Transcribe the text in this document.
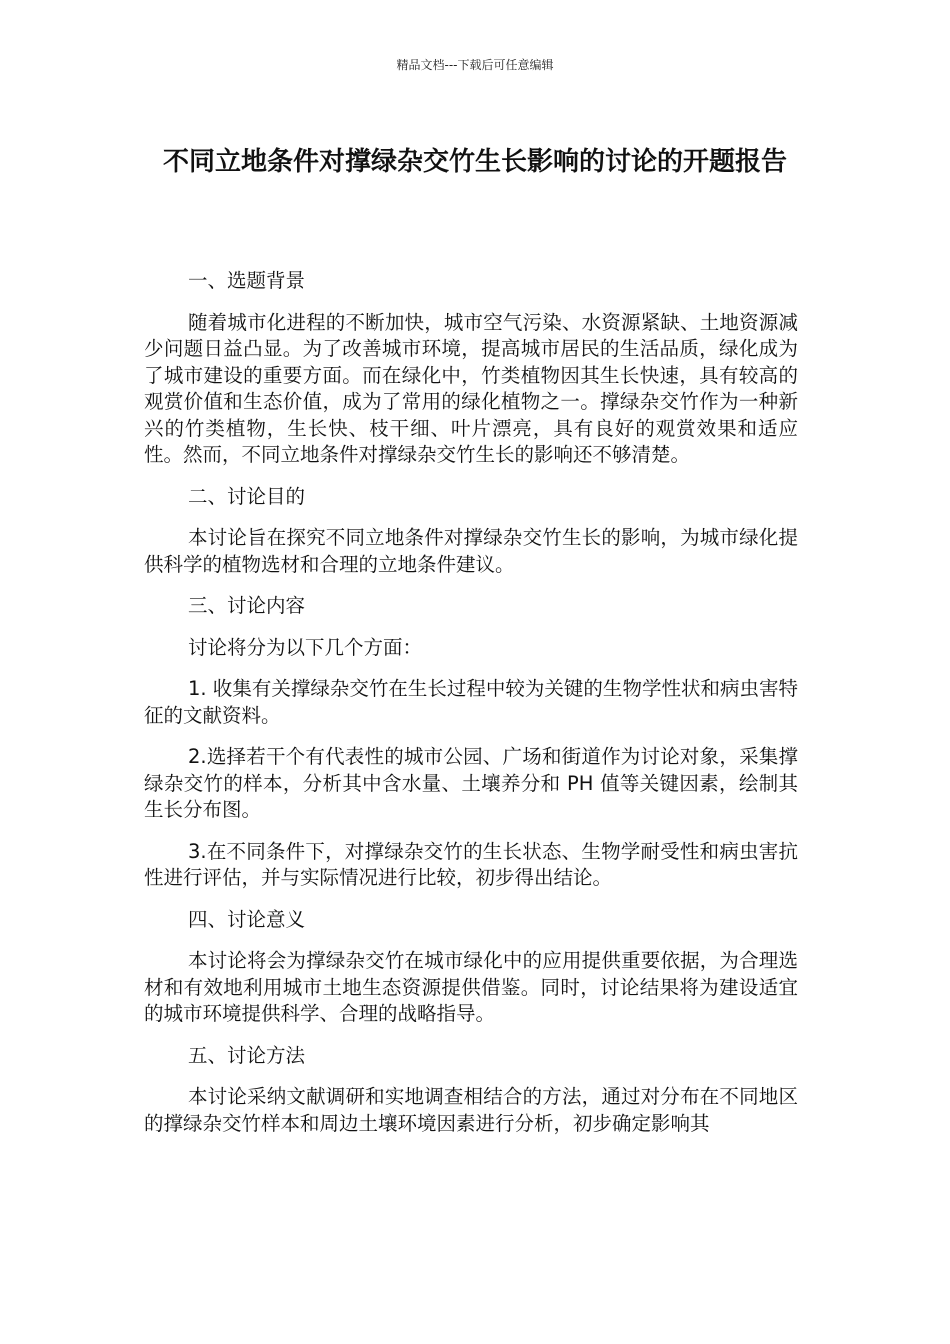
精品文档---下载后可任意编辑
不同立地条件对撑绿杂交竹生长影响的讨论的开题报告

一、选题背景

随着城市化进程的不断加快，城市空气污染、水资源紧缺、土地资源减少问题日益凸显。为了改善城市环境，提高城市居民的生活品质，绿化成为了城市建设的重要方面。而在绿化中，竹类植物因其生长快速，具有较高的观赏价值和生态价值，成为了常用的绿化植物之一。撑绿杂交竹作为一种新兴的竹类植物，生长快、枝干细、叶片漂亮，具有良好的观赏效果和适应性。然而，不同立地条件对撑绿杂交竹生长的影响还不够清楚。

二、讨论目的

本讨论旨在探究不同立地条件对撑绿杂交竹生长的影响，为城市绿化提供科学的植物选材和合理的立地条件建议。

三、讨论内容

讨论将分为以下几个方面：

1. 收集有关撑绿杂交竹在生长过程中较为关键的生物学性状和病虫害特征的文献资料。

2.选择若干个有代表性的城市公园、广场和街道作为讨论对象，采集撑绿杂交竹的样本，分析其中含水量、土壤养分和 PH 值等关键因素，绘制其生长分布图。

3.在不同条件下，对撑绿杂交竹的生长状态、生物学耐受性和病虫害抗性进行评估，并与实际情况进行比较，初步得出结论。

四、讨论意义

本讨论将会为撑绿杂交竹在城市绿化中的应用提供重要依据，为合理选材和有效地利用城市土地生态资源提供借鉴。同时，讨论结果将为建设适宜的城市环境提供科学、合理的战略指导。

五、讨论方法

本讨论采纳文献调研和实地调查相结合的方法，通过对分布在不同地区的撑绿杂交竹样本和周边土壤环境因素进行分析，初步确定影响其
